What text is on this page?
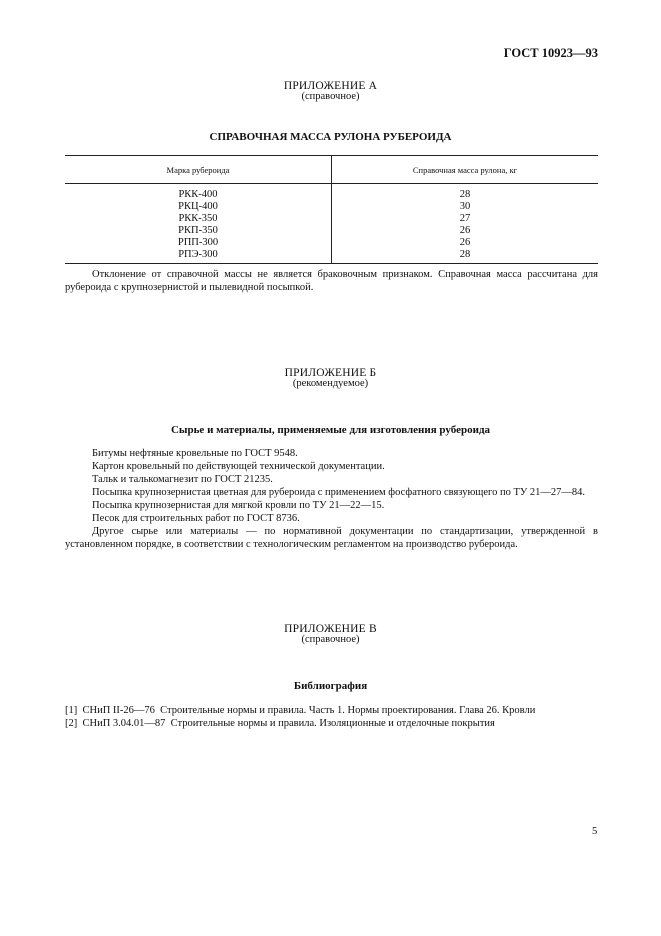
ГОСТ 10923—93
ПРИЛОЖЕНИЕ А
(справочное)
СПРАВОЧНАЯ МАССА РУЛОНА РУБЕРОИДА
Марка рубероида	Справочная масса рулона, кг
РКК-400	28
РКЦ-400	30
РКК-350	27
РКП-350	26
РПП-300	26
РПЭ-300	28
Отклонение от справочной массы не является браковочным признаком. Справочная масса рассчитана для рубероида с крупнозернистой и пылевидной посыпкой.
ПРИЛОЖЕНИЕ Б
(рекомендуемое)
Сырье и материалы, применяемые для изготовления рубероида
Битумы нефтяные кровельные по ГОСТ 9548.
Картон кровельный по действующей технической документации.
Тальк и талькомагнезит по ГОСТ 21235.
Посыпка крупнозернистая цветная для рубероида с применением фосфатного связующего по ТУ 21—27—84.
Посыпка крупнозернистая для мягкой кровли по ТУ 21—22—15.
Песок для строительных работ по ГОСТ 8736.
Другое сырье или материалы — по нормативной документации по стандартизации, утвержденной в установленном порядке, в соответствии с технологическим регламентом на производство рубероида.
ПРИЛОЖЕНИЕ В
(справочное)
Библиография
[1]  СНиП II-26—76  Строительные нормы и правила. Часть 1. Нормы проектирования. Глава 26. Кровли
[2]  СНиП 3.04.01—87  Строительные нормы и правила. Изоляционные и отделочные покрытия
5
